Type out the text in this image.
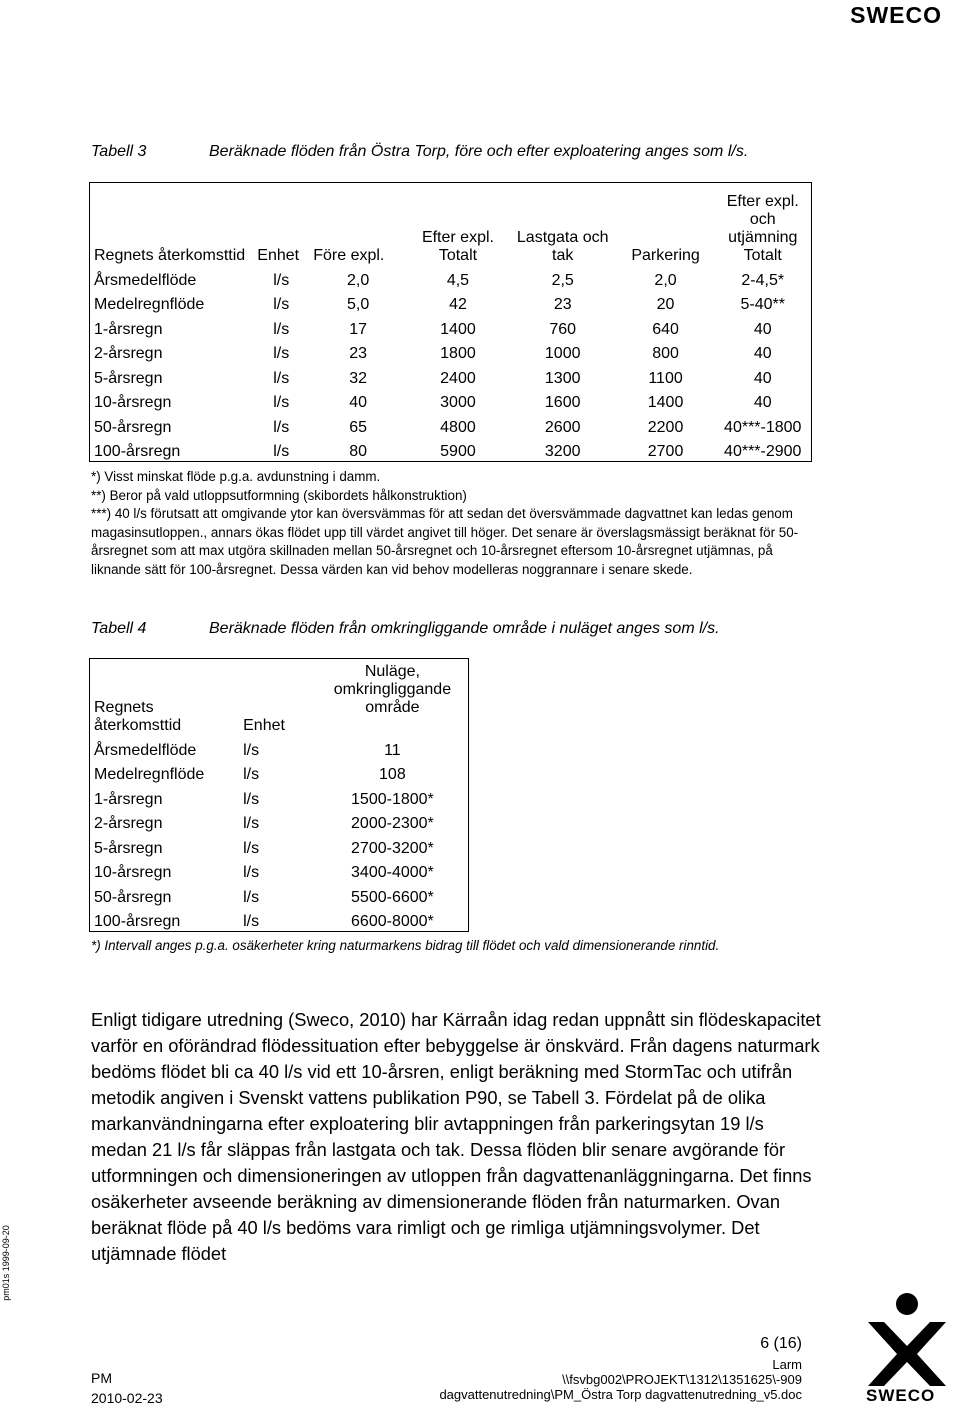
SWECO
Tabell 3	Beräknade flöden från Östra Torp, före och efter exploatering anges som l/s.
Regnets återkomsttid	Enhet	Före expl.	Efter expl. Totalt	Lastgata och tak	Parkering	Efter expl. och utjämning Totalt
Årsmedelflöde	l/s	2,0	4,5	2,5	2,0	2-4,5*
Medelregnflöde	l/s	5,0	42	23	20	5-40**
1-årsregn	l/s	17	1400	760	640	40
2-årsregn	l/s	23	1800	1000	800	40
5-årsregn	l/s	32	2400	1300	1100	40
10-årsregn	l/s	40	3000	1600	1400	40
50-årsregn	l/s	65	4800	2600	2200	40***-1800
100-årsregn	l/s	80	5900	3200	2700	40***-2900
*) Visst minskat flöde p.g.a. avdunstning i damm.
**) Beror på vald utloppsutformning (skibordets hålkonstruktion)
***) 40 l/s förutsatt att omgivande ytor kan översvämmas för att sedan det översvämmade dagvattnet kan ledas genom magasinsutloppen., annars ökas flödet upp till värdet angivet till höger. Det senare är överslagsmässigt beräknat för 50-årsregnet som att max utgöra skillnaden mellan 50-årsregnet och 10-årsregnet eftersom 10-årsregnet utjämnas, på liknande sätt för 100-årsregnet. Dessa värden kan vid behov modelleras noggrannare i senare skede.
Tabell 4	Beräknade flöden från omkringliggande område i nuläget anges som l/s.
Regnets återkomsttid	Enhet	Nuläge, omkringliggande område
Årsmedelflöde	l/s	11
Medelregnflöde	l/s	108
1-årsregn	l/s	1500-1800*
2-årsregn	l/s	2000-2300*
5-årsregn	l/s	2700-3200*
10-årsregn	l/s	3400-4000*
50-årsregn	l/s	5500-6600*
100-årsregn	l/s	6600-8000*
*) Intervall anges p.g.a. osäkerheter kring naturmarkens bidrag till flödet och vald dimensionerande rinntid.
Enligt tidigare utredning (Sweco, 2010) har Kärraån idag redan uppnått sin flödeskapacitet varför en oförändrad flödessituation efter bebyggelse är önskvärd. Från dagens naturmark bedöms flödet bli ca 40 l/s vid ett 10-årsren, enligt beräkning med StormTac och utifrån metodik angiven i Svenskt vattens publikation P90, se Tabell 3. Fördelat på de olika markanvändningarna efter exploatering blir avtappningen från parkeringsytan 19 l/s medan 21 l/s får släppas från lastgata och tak. Dessa flöden blir senare avgörande för utformningen och dimensioneringen av utloppen från dagvattenanläggningarna. Det finns osäkerheter avseende beräkning av dimensionerande flöden från naturmarken. Ovan beräknat flöde på 40 l/s bedöms vara rimligt och ge rimliga utjämningsvolymer. Det utjämnade flödet
pm01s 1999-09-20
PM
2010-02-23
6 (16)
Larm
\\fsvbg002\PROJEKT\1312\1351625\-909
dagvattenutredning\PM_Östra Torp dagvattenutredning_v5.doc	SWECO
